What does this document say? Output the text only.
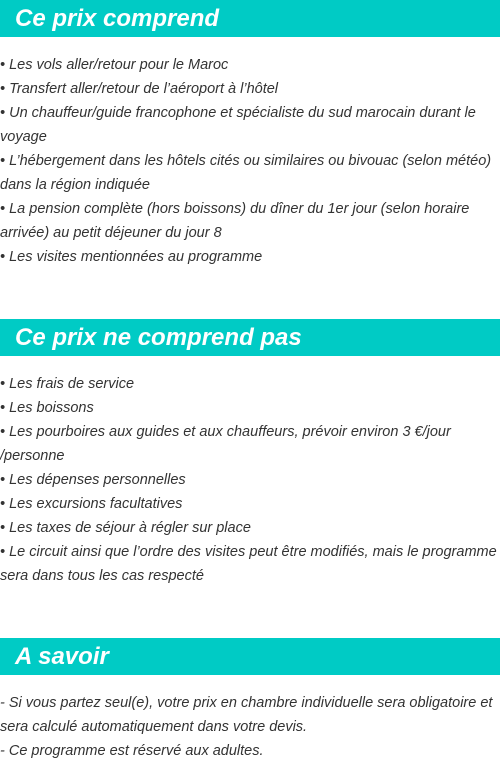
Ce prix comprend
• Les vols aller/retour pour le Maroc
• Transfert aller/retour de l’aéroport à l’hôtel
• Un chauffeur/guide francophone et spécialiste du sud marocain durant le voyage
• L’hébergement dans les hôtels cités ou similaires ou bivouac (selon météo) dans la région indiquée
• La pension complète (hors boissons) du dîner du 1er jour (selon horaire arrivée) au petit déjeuner du jour 8
• Les visites mentionnées au programme
Ce prix ne comprend pas
• Les frais de service
• Les boissons
• Les pourboires aux guides et aux chauffeurs, prévoir environ 3 €/jour /personne
• Les dépenses personnelles
• Les excursions facultatives
• Les taxes de séjour à régler sur place
• Le circuit ainsi que l’ordre des visites peut être modifiés, mais le programme sera dans tous les cas respecté
A savoir
- Si vous partez seul(e), votre prix en chambre individuelle sera obligatoire et sera calculé automatiquement dans votre devis.
- Ce programme est réservé aux adultes.
